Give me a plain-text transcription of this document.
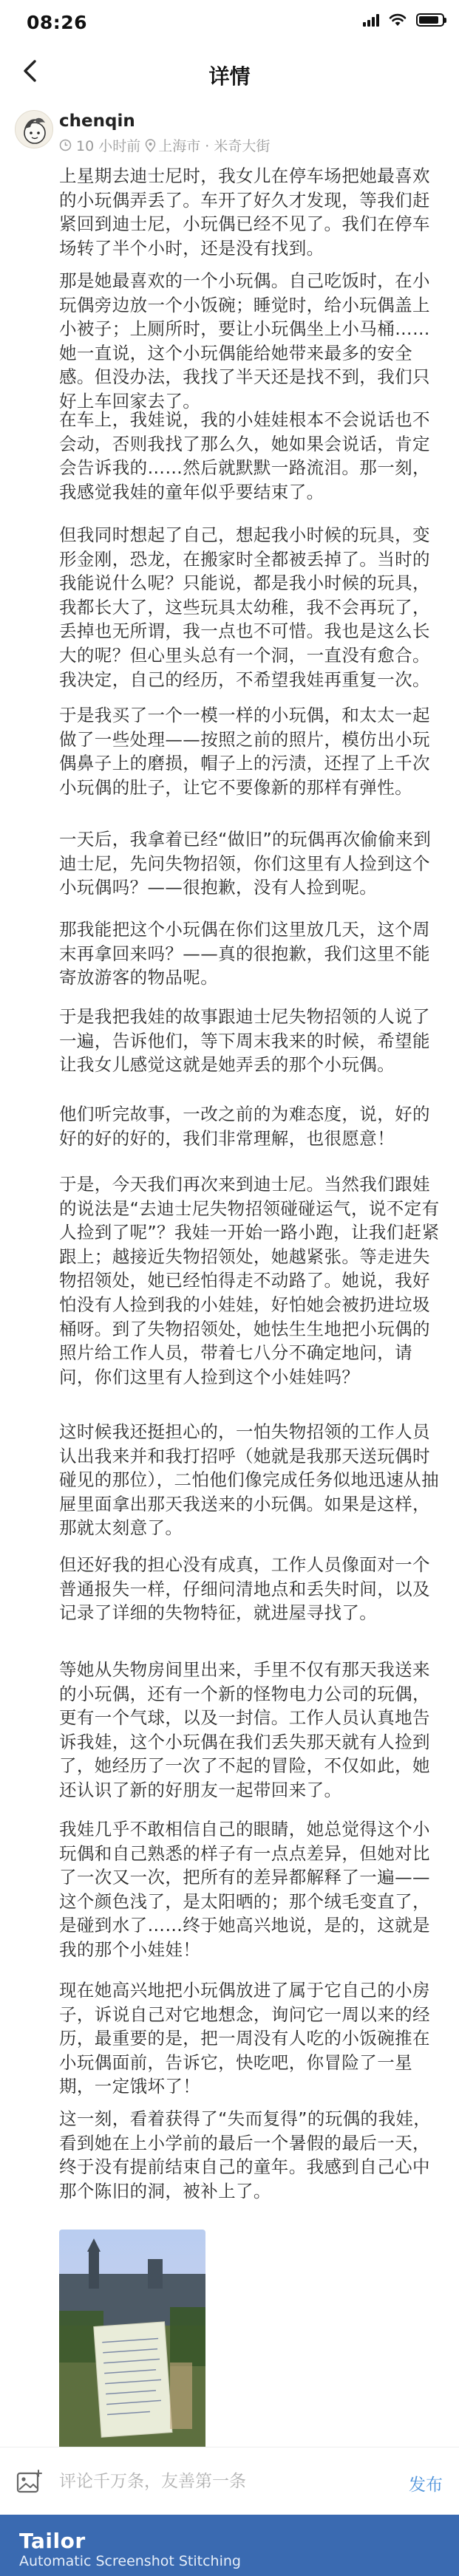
08:26
详情
chenqin
10 小时前 上海市 · 米奇大街

上星期去迪士尼时，我女儿在停车场把她最喜欢的小玩偶弄丢了。车开了好久才发现，等我们赶紧回到迪士尼，小玩偶已经不见了。我们在停车场转了半个小时，还是没有找到。

那是她最喜欢的一个小玩偶。自己吃饭时，在小玩偶旁边放一个小饭碗；睡觉时，给小玩偶盖上小被子；上厕所时，要让小玩偶坐上小马桶……她一直说，这个小玩偶能给她带来最多的安全感。但没办法，我找了半天还是找不到，我们只好上车回家去了。

在车上，我娃说，我的小娃娃根本不会说话也不会动，否则我找了那么久，她如果会说话，肯定会告诉我的……然后就默默一路流泪。那一刻，我感觉我娃的童年似乎要结束了。

但我同时想起了自己，想起我小时候的玩具，变形金刚，恐龙，在搬家时全都被丢掉了。当时的我能说什么呢？只能说，都是我小时候的玩具，我都长大了，这些玩具太幼稚，我不会再玩了，丢掉也无所谓，我一点也不可惜。我也是这么长大的呢？但心里头总有一个洞，一直没有愈合。我决定，自己的经历，不希望我娃再重复一次。

于是我买了一个一模一样的小玩偶，和太太一起做了一些处理——按照之前的照片，模仿出小玩偶鼻子上的磨损，帽子上的污渍，还捏了上千次小玩偶的肚子，让它不要像新的那样有弹性。

一天后，我拿着已经“做旧”的玩偶再次偷偷来到迪士尼，先问失物招领，你们这里有人捡到这个小玩偶吗？——很抱歉，没有人捡到呢。

那我能把这个小玩偶在你们这里放几天，这个周末再拿回来吗？——真的很抱歉，我们这里不能寄放游客的物品呢。

于是我把我娃的故事跟迪士尼失物招领的人说了一遍，告诉他们，等下周末我来的时候，希望能让我女儿感觉这就是她弄丢的那个小玩偶。

他们听完故事，一改之前的为难态度，说，好的好的好的好的，我们非常理解，也很愿意！

于是，今天我们再次来到迪士尼。当然我们跟娃的说法是“去迪士尼失物招领碰碰运气，说不定有人捡到了呢”？我娃一开始一路小跑，让我们赶紧跟上；越接近失物招领处，她越紧张。等走进失物招领处，她已经怕得走不动路了。她说，我好怕没有人捡到我的小娃娃，好怕她会被扔进垃圾桶呀。到了失物招领处，她怯生生地把小玩偶的照片给工作人员，带着七八分不确定地问，请问，你们这里有人捡到这个小娃娃吗？

这时候我还挺担心的，一怕失物招领的工作人员认出我来并和我打招呼（她就是我那天送玩偶时碰见的那位），二怕他们像完成任务似地迅速从抽屉里面拿出那天我送来的小玩偶。如果是这样，那就太刻意了。

但还好我的担心没有成真，工作人员像面对一个普通报失一样，仔细问清地点和丢失时间，以及记录了详细的失物特征，就进屋寻找了。

等她从失物房间里出来，手里不仅有那天我送来的小玩偶，还有一个新的怪物电力公司的玩偶，更有一个气球，以及一封信。工作人员认真地告诉我娃，这个小玩偶在我们丢失那天就有人捡到了，她经历了一次了不起的冒险，不仅如此，她还认识了新的好朋友一起带回来了。

我娃几乎不敢相信自己的眼睛，她总觉得这个小玩偶和自己熟悉的样子有一点点差异，但她对比了一次又一次，把所有的差异都解释了一遍——这个颜色浅了，是太阳晒的；那个绒毛变直了，是碰到水了……终于她高兴地说，是的，这就是我的那个小娃娃！

现在她高兴地把小玩偶放进了属于它自己的小房子，诉说自己对它地想念，询问它一周以来的经历，最重要的是，把一周没有人吃的小饭碗推在小玩偶面前，告诉它，快吃吧，你冒险了一星期，一定饿坏了！

这一刻，看着获得了“失而复得”的玩偶的我娃，看到她在上小学前的最后一个暑假的最后一天，终于没有提前结束自己的童年。我感到自己心中那个陈旧的洞，被补上了。

评论千万条，友善第一条
发布
Tailor
Automatic Screenshot Stitching
